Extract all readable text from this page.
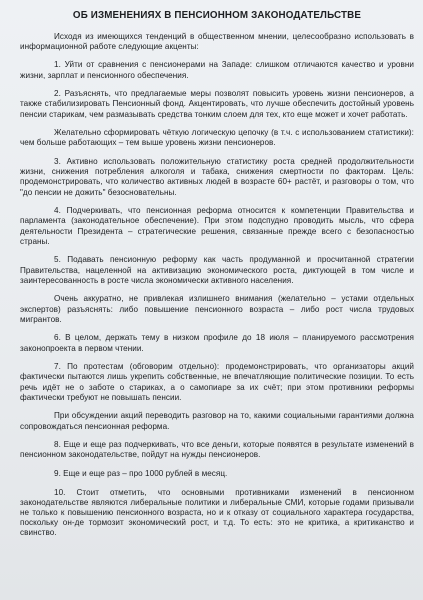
ОБ ИЗМЕНЕНИЯХ В ПЕНСИОННОМ ЗАКОНОДАТЕЛЬСТВЕ
Исходя из имеющихся тенденций в общественном мнении, целесообразно использовать в информационной работе следующие акценты:
1. Уйти от сравнения с пенсионерами на Западе: слишком отличаются качество и уровни жизни, зарплат и пенсионного обеспечения.
2. Разъяснять, что предлагаемые меры позволят повысить уровень жизни пенсионеров, а также стабилизировать Пенсионный фонд. Акцентировать, что лучше обеспечить достойный уровень пенсии старикам, чем размазывать средства тонким слоем для тех, кто еще может и хочет работать.
Желательно сформировать чёткую логическую цепочку (в т.ч. с использованием статистики): чем больше работающих – тем выше уровень жизни пенсионеров.
3. Активно использовать положительную статистику роста средней продолжительности жизни, снижения потребления алкоголя и табака, снижения смертности по факторам. Цель: продемонстрировать, что количество активных людей в возрасте 60+ растёт, и разговоры о том, что "до пенсии не дожить" безосновательны.
4. Подчеркивать, что пенсионная реформа относится к компетенции Правительства и парламента (законодательное обеспечение). При этом подспудно проводить мысль, что сфера деятельности Президента – стратегические решения, связанные прежде всего с безопасностью страны.
5. Подавать пенсионную реформу как часть продуманной и просчитанной стратегии Правительства, нацеленной на активизацию экономического роста, диктующей в том числе и заинтересованность в росте числа экономически активного населения.
Очень аккуратно, не привлекая излишнего внимания (желательно – устами отдельных экспертов) разъяснять: либо повышение пенсионного возраста – либо рост числа трудовых мигрантов.
6. В целом, держать тему в низком профиле до 18 июля – планируемого рассмотрения законопроекта в первом чтении.
7. По протестам (обговорим отдельно): продемонстрировать, что организаторы акций фактически пытаются лишь укрепить собственные, не впечатляющие политические позиции. То есть речь идёт не о заботе о стариках, а о самопиаре за их счёт; при этом противники реформы фактически требуют не повышать пенсии.
При обсуждении акций переводить разговор на то, какими социальными гарантиями должна сопровождаться пенсионная реформа.
8. Еще и еще раз подчеркивать, что все деньги, которые появятся в результате изменений в пенсионном законодательстве, пойдут на нужды пенсионеров.
9. Еще и еще раз – про 1000 рублей в месяц.
10. Стоит отметить, что основными противниками изменений в пенсионном законодательстве являются либеральные политики и либеральные СМИ, которые годами призывали не только к повышению пенсионного возраста, но и к отказу от социального характера государства, поскольку он-де тормозит экономический рост, и т.д. То есть: это не критика, а критиканство и свинство.
